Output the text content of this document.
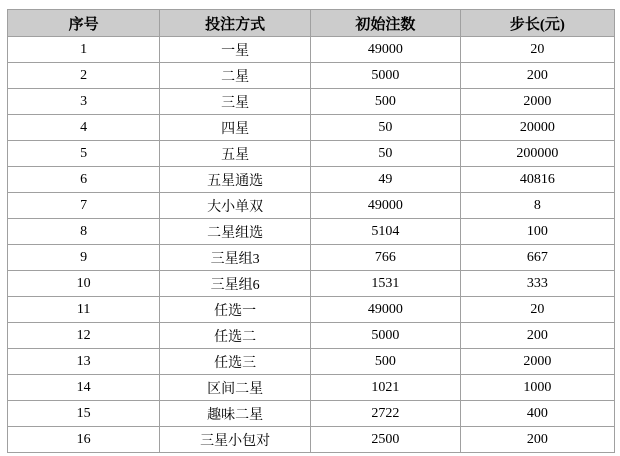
序号	投注方式	初始注数	步长(元)
1	一星	49000	20
2	二星	5000	200
3	三星	500	2000
4	四星	50	20000
5	五星	50	200000
6	五星通选	49	40816
7	大小单双	49000	8
8	二星组选	5104	100
9	三星组3	766	667
10	三星组6	1531	333
11	任选一	49000	20
12	任选二	5000	200
13	任选三	500	2000
14	区间二星	1021	1000
15	趣味二星	2722	400
16	三星小包对	2500	200
